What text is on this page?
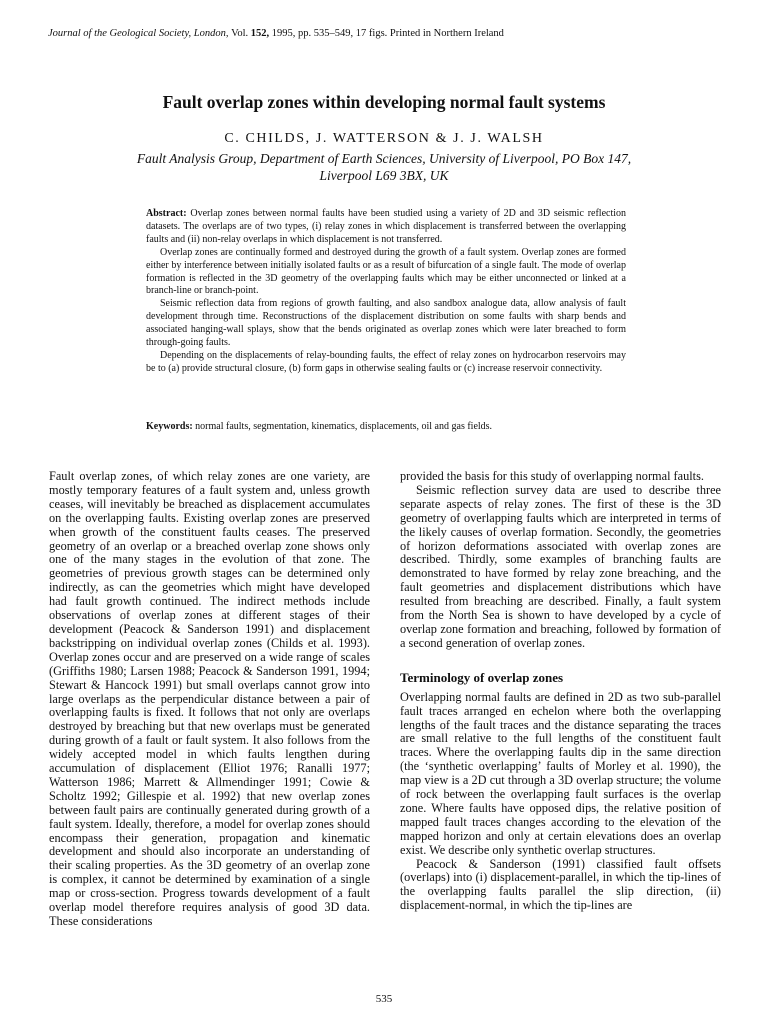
Journal of the Geological Society, London, Vol. 152, 1995, pp. 535–549, 17 figs. Printed in Northern Ireland
Fault overlap zones within developing normal fault systems
C. CHILDS, J. WATTERSON & J. J. WALSH
Fault Analysis Group, Department of Earth Sciences, University of Liverpool, PO Box 147,
Liverpool L69 3BX, UK

Abstract: Overlap zones between normal faults have been studied using a variety of 2D and 3D seismic reflection datasets. The overlaps are of two types, (i) relay zones in which displacement is transferred between the overlapping faults and (ii) non-relay overlaps in which displacement is not transferred.

Overlap zones are continually formed and destroyed during the growth of a fault system. Overlap zones are formed either by interference between initially isolated faults or as a result of bifurcation of a single fault. The mode of overlap formation is reflected in the 3D geometry of the overlapping faults which may be either unconnected or linked at a branch-line or branch-point.

Seismic reflection data from regions of growth faulting, and also sandbox analogue data, allow analysis of fault development through time. Reconstructions of the displacement distribution on some faults with sharp bends and associated hanging-wall splays, show that the bends originated as overlap zones which were later breached to form through-going faults.

Depending on the displacements of relay-bounding faults, the effect of relay zones on hydrocarbon reservoirs may be to (a) provide structural closure, (b) form gaps in otherwise sealing faults or (c) increase reservoir connectivity.

Keywords: normal faults, segmentation, kinematics, displacements, oil and gas fields.

Fault overlap zones, of which relay zones are one variety, are mostly temporary features of a fault system and, unless growth ceases, will inevitably be breached as displacement accumulates on the overlapping faults. Existing overlap zones are preserved when growth of the constituent faults ceases. The preserved geometry of an overlap or a breached overlap zone shows only one of the many stages in the evolution of that zone. The geometries of previous growth stages can be determined only indirectly, as can the geometries which might have developed had fault growth continued. The indirect methods include observations of overlap zones at different stages of their development (Peacock & Sanderson 1991) and displacement backstripping on individual overlap zones (Childs et al. 1993). Overlap zones occur and are preserved on a wide range of scales (Griffiths 1980; Larsen 1988; Peacock & Sanderson 1991, 1994; Stewart & Hancock 1991) but small overlaps cannot grow into large overlaps as the perpendicular distance between a pair of overlapping faults is fixed. It follows that not only are overlaps destroyed by breaching but that new overlaps must be generated during growth of a fault or fault system. It also follows from the widely accepted model in which faults lengthen during accumulation of displacement (Elliot 1976; Ranalli 1977; Watterson 1986; Marrett & Allmendinger 1991; Cowie & Scholtz 1992; Gillespie et al. 1992) that new overlap zones between fault pairs are continually generated during growth of a fault system. Ideally, therefore, a model for overlap zones should encompass their generation, propagation and kinematic development and should also incorporate an understanding of their scaling properties. As the 3D geometry of an overlap zone is complex, it cannot be determined by examination of a single map or cross-section. Progress towards development of a fault overlap model therefore requires analysis of good 3D data. These considerations

provided the basis for this study of overlapping normal faults.

Seismic reflection survey data are used to describe three separate aspects of relay zones. The first of these is the 3D geometry of overlapping faults which are interpreted in terms of the likely causes of overlap formation. Secondly, the geometries of horizon deformations associated with overlap zones are described. Thirdly, some examples of branching faults are demonstrated to have formed by relay zone breaching, and the fault geometries and displacement distributions which have resulted from breaching are described. Finally, a fault system from the North Sea is shown to have developed by a cycle of overlap zone formation and breaching, followed by formation of a second generation of overlap zones.

Terminology of overlap zones

Overlapping normal faults are defined in 2D as two sub-parallel fault traces arranged en echelon where both the overlapping lengths of the fault traces and the distance separating the traces are small relative to the full lengths of the constituent fault traces. Where the overlapping faults dip in the same direction (the ‘synthetic overlapping’ faults of Morley et al. 1990), the map view is a 2D cut through a 3D overlap structure; the volume of rock between the overlapping fault surfaces is the overlap zone. Where faults have opposed dips, the relative position of mapped fault traces changes according to the elevation of the mapped horizon and only at certain elevations does an overlap exist. We describe only synthetic overlap structures.

Peacock & Sanderson (1991) classified fault offsets (overlaps) into (i) displacement-parallel, in which the tip-lines of the overlapping faults parallel the slip direction, (ii) displacement-normal, in which the tip-lines are

535
